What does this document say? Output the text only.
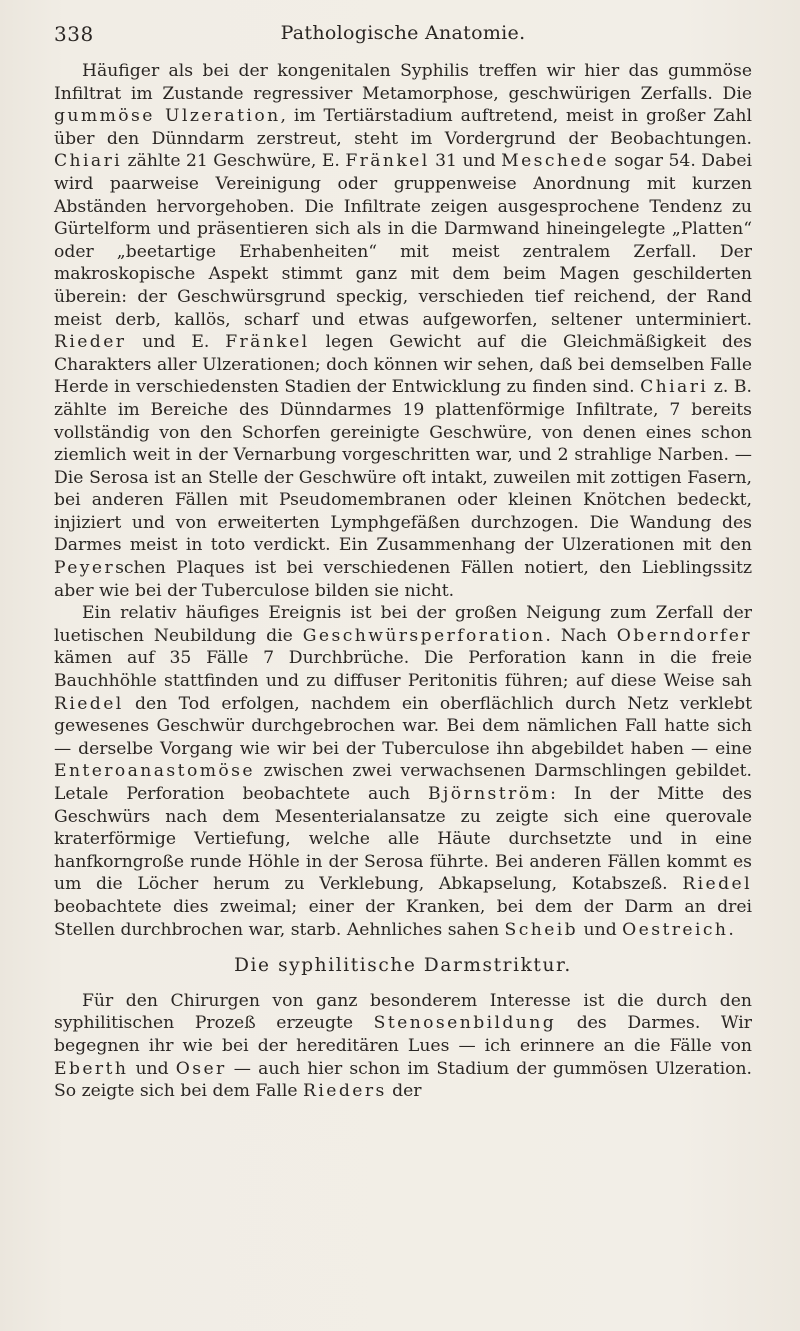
338	Pathologische Anatomie.

Häufiger als bei der kongenitalen Syphilis treffen wir hier das gummöse Infiltrat im Zustande regressiver Metamorphose, geschwürigen Zerfalls. Die gummöse Ulzeration, im Tertiärstadium auftretend, meist in großer Zahl über den Dünndarm zerstreut, steht im Vordergrund der Beobachtungen. Chiari zählte 21 Geschwüre, E. Fränkel 31 und Meschede sogar 54. Dabei wird paarweise Vereinigung oder gruppenweise Anordnung mit kurzen Abständen hervorgehoben. Die Infiltrate zeigen ausgesprochene Tendenz zu Gürtelform und präsentieren sich als in die Darmwand hineingelegte „Platten“ oder „beetartige Erhabenheiten“ mit meist zentralem Zerfall. Der makroskopische Aspekt stimmt ganz mit dem beim Magen geschilderten überein: der Geschwürsgrund speckig, verschieden tief reichend, der Rand meist derb, kallös, scharf und etwas aufgeworfen, seltener unterminiert. Rieder und E. Fränkel legen Gewicht auf die Gleichmäßigkeit des Charakters aller Ulzerationen; doch können wir sehen, daß bei demselben Falle Herde in verschiedensten Stadien der Entwicklung zu finden sind. Chiari z. B. zählte im Bereiche des Dünndarmes 19 plattenförmige Infiltrate, 7 bereits vollständig von den Schorfen gereinigte Geschwüre, von denen eines schon ziemlich weit in der Vernarbung vorgeschritten war, und 2 strahlige Narben. — Die Serosa ist an Stelle der Geschwüre oft intakt, zuweilen mit zottigen Fasern, bei anderen Fällen mit Pseudomembranen oder kleinen Knötchen bedeckt, injiziert und von erweiterten Lymphgefäßen durchzogen. Die Wandung des Darmes meist in toto verdickt. Ein Zusammenhang der Ulzerationen mit den Peyerschen Plaques ist bei verschiedenen Fällen notiert, den Lieblingssitz aber wie bei der Tuberculose bilden sie nicht.

Ein relativ häufiges Ereignis ist bei der großen Neigung zum Zerfall der luetischen Neubildung die Geschwürsperforation. Nach Oberndorfer kämen auf 35 Fälle 7 Durchbrüche. Die Perforation kann in die freie Bauchhöhle stattfinden und zu diffuser Peritonitis führen; auf diese Weise sah Riedel den Tod erfolgen, nachdem ein oberflächlich durch Netz verklebt gewesenes Geschwür durchgebrochen war. Bei dem nämlichen Fall hatte sich — derselbe Vorgang wie wir bei der Tuberculose ihn abgebildet haben — eine Enteroanastomöse zwischen zwei verwachsenen Darmschlingen gebildet. Letale Perforation beobachtete auch Björnström: In der Mitte des Geschwürs nach dem Mesenterialansatze zu zeigte sich eine querovale kraterförmige Vertiefung, welche alle Häute durchsetzte und in eine hanfkorngroße runde Höhle in der Serosa führte. Bei anderen Fällen kommt es um die Löcher herum zu Verklebung, Abkapselung, Kotabszeß. Riedel beobachtete dies zweimal; einer der Kranken, bei dem der Darm an drei Stellen durchbrochen war, starb. Aehnliches sahen Scheib und Oestreich.

Die syphilitische Darmstriktur.

Für den Chirurgen von ganz besonderem Interesse ist die durch den syphilitischen Prozeß erzeugte Stenosenbildung des Darmes. Wir begegnen ihr wie bei der hereditären Lues — ich erinnere an die Fälle von Eberth und Oser — auch hier schon im Stadium der gummösen Ulzeration. So zeigte sich bei dem Falle Rieders der
